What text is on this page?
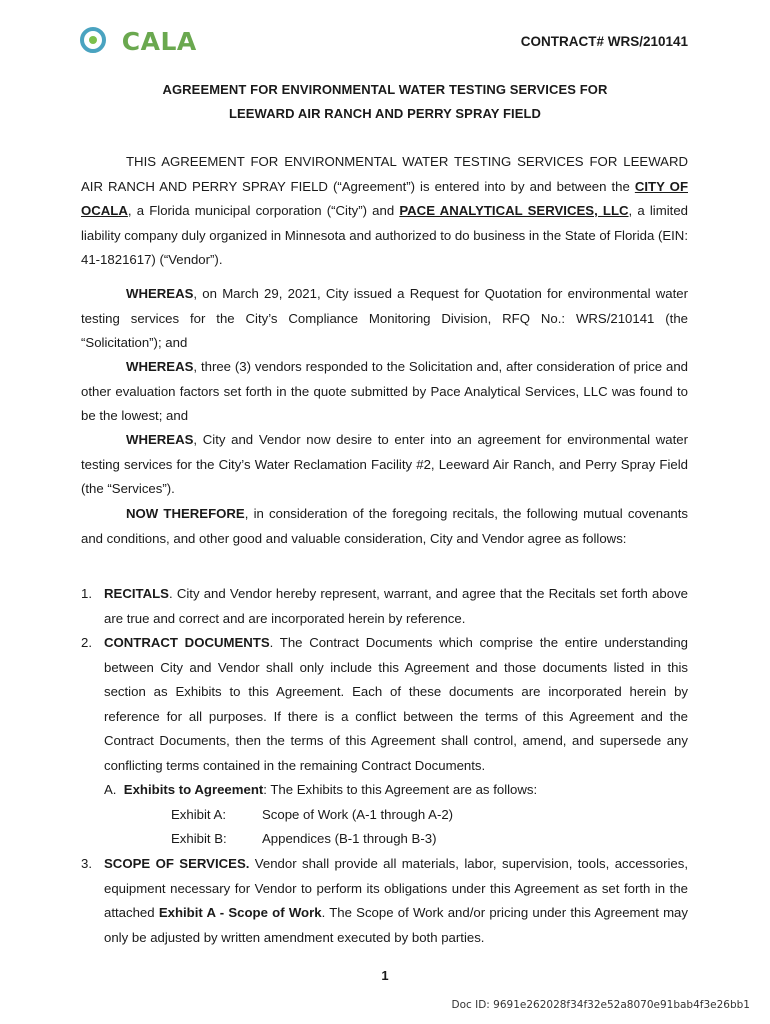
CALA	CONTRACT# WRS/210141
AGREEMENT FOR ENVIRONMENTAL WATER TESTING SERVICES FOR
LEEWARD AIR RANCH AND PERRY SPRAY FIELD

THIS AGREEMENT FOR ENVIRONMENTAL WATER TESTING SERVICES FOR LEEWARD AIR RANCH AND PERRY SPRAY FIELD (“Agreement”) is entered into by and between the CITY OF OCALA, a Florida municipal corporation (“City”) and PACE ANALYTICAL SERVICES, LLC, a limited liability company duly organized in Minnesota and authorized to do business in the State of Florida (EIN: 41-1821617) (“Vendor”).

WHEREAS, on March 29, 2021, City issued a Request for Quotation for environmental water testing services for the City’s Compliance Monitoring Division, RFQ No.: WRS/210141 (the “Solicitation”); and

WHEREAS, three (3) vendors responded to the Solicitation and, after consideration of price and other evaluation factors set forth in the quote submitted by Pace Analytical Services, LLC was found to be the lowest; and

WHEREAS, City and Vendor now desire to enter into an agreement for environmental water testing services for the City’s Water Reclamation Facility #2, Leeward Air Ranch, and Perry Spray Field (the “Services”).

NOW THEREFORE, in consideration of the foregoing recitals, the following mutual covenants and conditions, and other good and valuable consideration, City and Vendor agree as follows:

1. RECITALS. City and Vendor hereby represent, warrant, and agree that the Recitals set forth above are true and correct and are incorporated herein by reference.

2. CONTRACT DOCUMENTS. The Contract Documents which comprise the entire understanding between City and Vendor shall only include this Agreement and those documents listed in this section as Exhibits to this Agreement. Each of these documents are incorporated herein by reference for all purposes. If there is a conflict between the terms of this Agreement and the Contract Documents, then the terms of this Agreement shall control, amend, and supersede any conflicting terms contained in the remaining Contract Documents.

A. Exhibits to Agreement: The Exhibits to this Agreement are as follows:
Exhibit A:	Scope of Work (A-1 through A-2)
Exhibit B:	Appendices (B-1 through B-3)
3. SCOPE OF SERVICES. Vendor shall provide all materials, labor, supervision, tools, accessories, equipment necessary for Vendor to perform its obligations under this Agreement as set forth in the attached Exhibit A - Scope of Work. The Scope of Work and/or pricing under this Agreement may only be adjusted by written amendment executed by both parties.

1
Doc ID: 9691e262028f34f32e52a8070e91bab4f3e26bb1
